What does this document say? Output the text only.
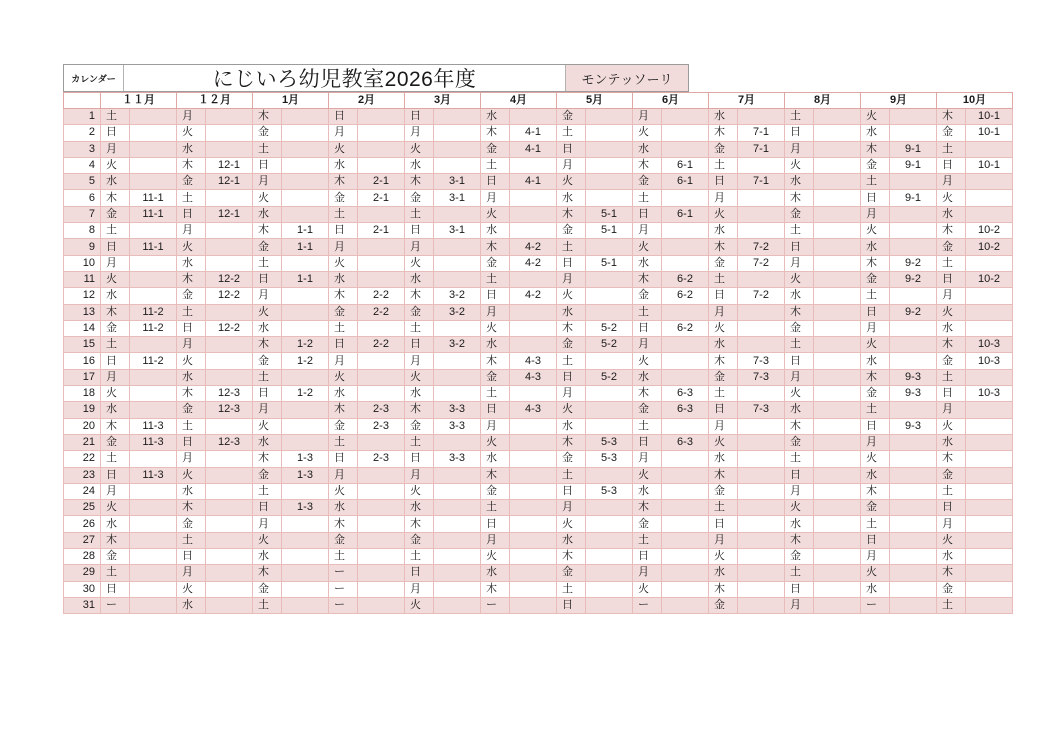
カレンダー	にじいろ幼児教室2026年度	モンテッソーリ
	１１月		１２月		1月		2月		3月		4月		5月		6月		7月		8月		9月		10月	
1	土		月		木		日		日		水		金		月		水		土		火		木	10-1
2	日		火		金		月		月		木	4-1	土		火		木	7-1	日		水		金	10-1
3	月		水		土		火		火		金	4-1	日		水		金	7-1	月		木	9-1	土	
4	火		木	12-1	日		水		水		土		月		木	6-1	土		火		金	9-1	日	10-1
5	水		金	12-1	月		木	2-1	木	3-1	日	4-1	火		金	6-1	日	7-1	水		土		月	
6	木	11-1	土		火		金	2-1	金	3-1	月		水		土		月		木		日	9-1	火	
7	金	11-1	日	12-1	水		土		土		火		木	5-1	日	6-1	火		金		月		水	
8	土		月		木	1-1	日	2-1	日	3-1	水		金	5-1	月		水		土		火		木	10-2
9	日	11-1	火		金	1-1	月		月		木	4-2	土		火		木	7-2	日		水		金	10-2
10	月		水		土		火		火		金	4-2	日	5-1	水		金	7-2	月		木	9-2	土	
11	火		木	12-2	日	1-1	水		水		土		月		木	6-2	土		火		金	9-2	日	10-2
12	水		金	12-2	月		木	2-2	木	3-2	日	4-2	火		金	6-2	日	7-2	水		土		月	
13	木	11-2	土		火		金	2-2	金	3-2	月		水		土		月		木		日	9-2	火	
14	金	11-2	日	12-2	水		土		土		火		木	5-2	日	6-2	火		金		月		水	
15	土		月		木	1-2	日	2-2	日	3-2	水		金	5-2	月		水		土		火		木	10-3
16	日	11-2	火		金	1-2	月		月		木	4-3	土		火		木	7-3	日		水		金	10-3
17	月		水		土		火		火		金	4-3	日	5-2	水		金	7-3	月		木	9-3	土	
18	火		木	12-3	日	1-2	水		水		土		月		木	6-3	土		火		金	9-3	日	10-3
19	水		金	12-3	月		木	2-3	木	3-3	日	4-3	火		金	6-3	日	7-3	水		土		月	
20	木	11-3	土		火		金	2-3	金	3-3	月		水		土		月		木		日	9-3	火	
21	金	11-3	日	12-3	水		土		土		火		木	5-3	日	6-3	火		金		月		水	
22	土		月		木	1-3	日	2-3	日	3-3	水		金	5-3	月		水		土		火		木	
23	日	11-3	火		金	1-3	月		月		木		土		火		木		日		水		金	
24	月		水		土		火		火		金		日	5-3	水		金		月		木		土	
25	火		木		日	1-3	水		水		土		月		木		土		火		金		日	
26	水		金		月		木		木		日		火		金		日		水		土		月	
27	木		土		火		金		金		月		水		土		月		木		日		火	
28	金		日		水		土		土		火		木		日		火		金		月		水	
29	土		月		木		ー		日		水		金		月		水		土		火		木	
30	日		火		金		ー		月		木		土		火		木		日		水		金	
31	ー		水		土		ー		火		ー		日		ー		金		月		ー		土	
